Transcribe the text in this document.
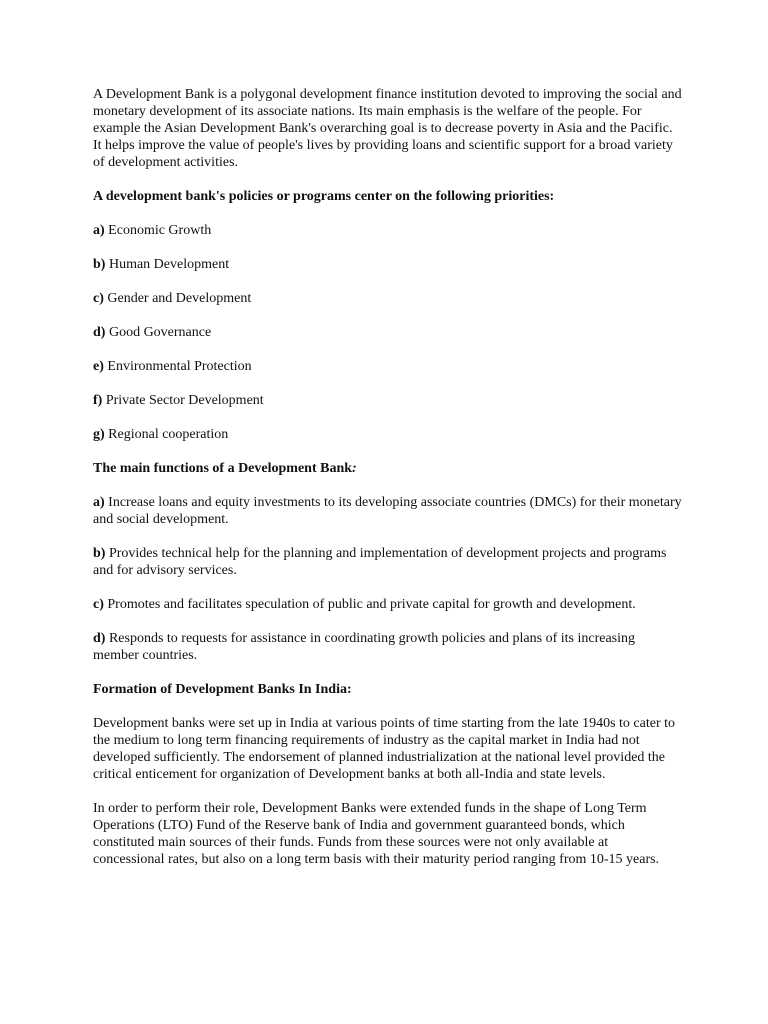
A Development Bank is a polygonal development finance institution devoted to improving the social and monetary development of its associate nations. Its main emphasis is the welfare of the people. For example the Asian Development Bank's overarching goal is to decrease poverty in Asia and the Pacific. It helps improve the value of people's lives by providing loans and scientific support for a broad variety of development activities.

A development bank's policies or programs center on the following priorities:

a) Economic Growth

b) Human Development

c) Gender and Development

d) Good Governance

e) Environmental Protection

f) Private Sector Development

g) Regional cooperation

The main functions of a Development Bank:

a) Increase loans and equity investments to its developing associate countries (DMCs) for their monetary and social development.

b) Provides technical help for the planning and implementation of development projects and programs and for advisory services.

c) Promotes and facilitates speculation of public and private capital for growth and development.

d) Responds to requests for assistance in coordinating growth policies and plans of its increasing member countries.

Formation of Development Banks In India:

Development banks were set up in India at various points of time starting from the late 1940s to cater to the medium to long term financing requirements of industry as the capital market in India had not developed sufficiently. The endorsement of planned industrialization at the national level provided the critical enticement for organization of Development banks at both all-India and state levels.

In order to perform their role, Development Banks were extended funds in the shape of Long Term Operations (LTO) Fund of the Reserve bank of India and government guaranteed bonds, which constituted main sources of their funds. Funds from these sources were not only available at concessional rates, but also on a long term basis with their maturity period ranging from 10-15 years.
